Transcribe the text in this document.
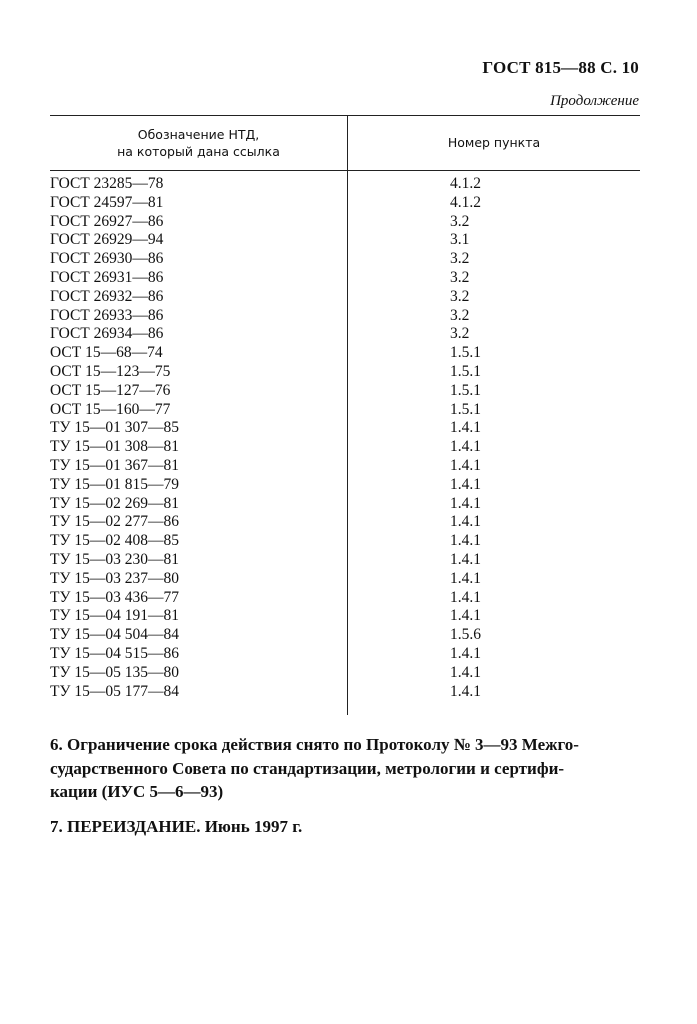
ГОСТ 815—88 С. 10
Продолжение
Обозначение НТД,
на который дана ссылка
Номер пункта
ГОСТ 23285—78	4.1.2
ГОСТ 24597—81	4.1.2
ГОСТ 26927—86	3.2
ГОСТ 26929—94	3.1
ГОСТ 26930—86	3.2
ГОСТ 26931—86	3.2
ГОСТ 26932—86	3.2
ГОСТ 26933—86	3.2
ГОСТ 26934—86	3.2
ОСТ 15—68—74	1.5.1
ОСТ 15—123—75	1.5.1
ОСТ 15—127—76	1.5.1
ОСТ 15—160—77	1.5.1
ТУ 15—01 307—85	1.4.1
ТУ 15—01 308—81	1.4.1
ТУ 15—01 367—81	1.4.1
ТУ 15—01 815—79	1.4.1
ТУ 15—02 269—81	1.4.1
ТУ 15—02 277—86	1.4.1
ТУ 15—02 408—85	1.4.1
ТУ 15—03 230—81	1.4.1
ТУ 15—03 237—80	1.4.1
ТУ 15—03 436—77	1.4.1
ТУ 15—04 191—81	1.4.1
ТУ 15—04 504—84	1.5.6
ТУ 15—04 515—86	1.4.1
ТУ 15—05 135—80	1.4.1
ТУ 15—05 177—84	1.4.1
6. Ограничение срока действия снято по Протоколу № 3—93 Межго-
сударственного Совета по стандартизации, метрологии и сертифи-
кации (ИУС 5—6—93)
7. ПЕРЕИЗДАНИЕ. Июнь 1997 г.
